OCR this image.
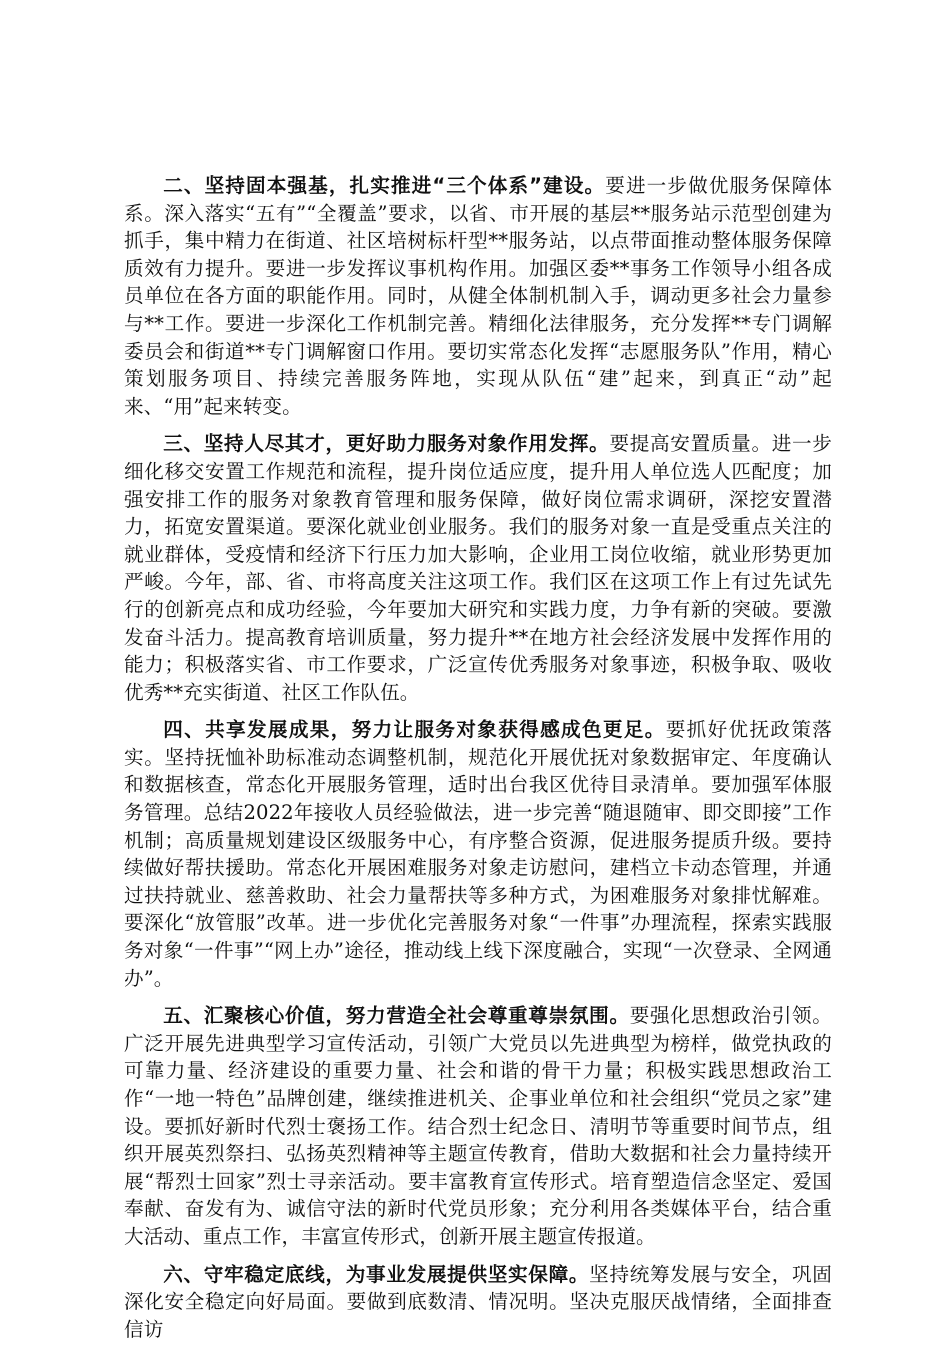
二、坚持固本强基，扎实推进“三个体系”建设。要进一步做优服务保障体系。深入落实“五有”“全覆盖”要求，以省、市开展的基层**服务站示范型创建为抓手，集中精力在街道、社区培树标杆型**服务站，以点带面推动整体服务保障质效有力提升。要进一步发挥议事机构作用。加强区委**事务工作领导小组各成员单位在各方面的职能作用。同时，从健全体制机制入手，调动更多社会力量参与**工作。要进一步深化工作机制完善。精细化法律服务，充分发挥**专门调解委员会和街道**专门调解窗口作用。要切实常态化发挥“志愿服务队”作用，精心策划服务项目、持续完善服务阵地，实现从队伍“建”起来，到真正“动”起来、“用”起来转变。

三、坚持人尽其才，更好助力服务对象作用发挥。要提高安置质量。进一步细化移交安置工作规范和流程，提升岗位适应度，提升用人单位选人匹配度；加强安排工作的服务对象教育管理和服务保障，做好岗位需求调研，深挖安置潜力，拓宽安置渠道。要深化就业创业服务。我们的服务对象一直是受重点关注的就业群体，受疫情和经济下行压力加大影响，企业用工岗位收缩，就业形势更加严峻。今年，部、省、市将高度关注这项工作。我们区在这项工作上有过先试先行的创新亮点和成功经验，今年要加大研究和实践力度，力争有新的突破。要激发奋斗活力。提高教育培训质量，努力提升**在地方社会经济发展中发挥作用的能力；积极落实省、市工作要求，广泛宣传优秀服务对象事迹，积极争取、吸收优秀**充实街道、社区工作队伍。

四、共享发展成果，努力让服务对象获得感成色更足。要抓好优抚政策落实。坚持抚恤补助标准动态调整机制，规范化开展优抚对象数据审定、年度确认和数据核查，常态化开展服务管理，适时出台我区优待目录清单。要加强军体服务管理。总结2022年接收人员经验做法，进一步完善“随退随审、即交即接”工作机制；高质量规划建设区级服务中心，有序整合资源，促进服务提质升级。要持续做好帮扶援助。常态化开展困难服务对象走访慰问，建档立卡动态管理，并通过扶持就业、慈善救助、社会力量帮扶等多种方式，为困难服务对象排忧解难。要深化“放管服”改革。进一步优化完善服务对象“一件事”办理流程，探索实践服务对象“一件事”“网上办”途径，推动线上线下深度融合，实现“一次登录、全网通办”。

五、汇聚核心价值，努力营造全社会尊重尊崇氛围。要强化思想政治引领。广泛开展先进典型学习宣传活动，引领广大党员以先进典型为榜样，做党执政的可靠力量、经济建设的重要力量、社会和谐的骨干力量；积极实践思想政治工作“一地一特色”品牌创建，继续推进机关、企事业单位和社会组织“党员之家”建设。要抓好新时代烈士褒扬工作。结合烈士纪念日、清明节等重要时间节点，组织开展英烈祭扫、弘扬英烈精神等主题宣传教育，借助大数据和社会力量持续开展“帮烈士回家”烈士寻亲活动。要丰富教育宣传形式。培育塑造信念坚定、爱国奉献、奋发有为、诚信守法的新时代党员形象；充分利用各类媒体平台，结合重大活动、重点工作，丰富宣传形式，创新开展主题宣传报道。

六、守牢稳定底线，为事业发展提供坚实保障。坚持统筹发展与安全，巩固深化安全稳定向好局面。要做到底数清、情况明。坚决克服厌战情绪，全面排查信访
